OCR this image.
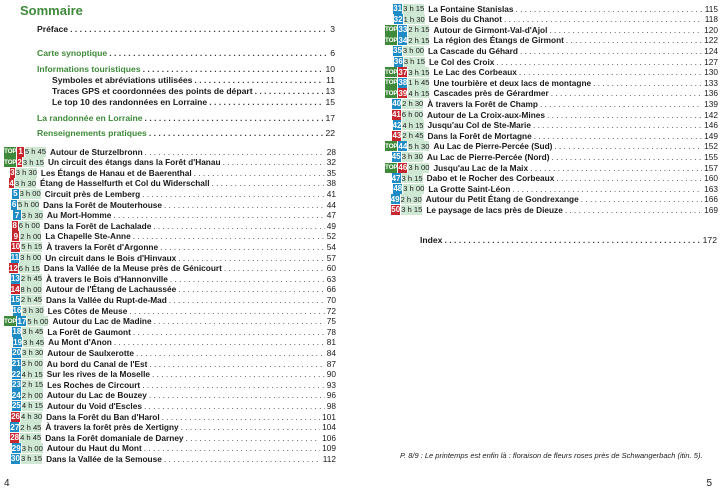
Sommaire
Préface . . .	3
Carte synoptique . . .	6
Informations touristiques . . .	10
Symboles et abréviations utilisées . . .	11
Traces GPS et coordonnées des points de départ . . .	13
Le top 10 des randonnées en Lorraine . . .	15
La randonnée en Lorraine . . .	17
Renseignements pratiques . . .	22
TOP 1 5 h 45 Autour de Sturzelbronn . . .	28
TOP 2 3 h 15 Un circuit des étangs dans la Forêt d'Hanau . . .	32
3 3 h 30 Les Étangs de Hanau et de Baerenthal . . .	35
4 3 h 30 Étang de Hasselfurth et Col du Widerschall . . .	38
5 3 h 00 Circuit près de Lemberg . . .	41
6 5 h 00 Dans la Forêt de Mouterhouse . . .	44
7 3 h 30 Au Mort-Homme . . .	47
8 6 h 00 Dans la Forêt de Lachalade . . .	49
9 2 h 00 La Chapelle Ste-Anne . . .	52
10 5 h 15 À travers la Forêt d'Argonne . . .	54
11 3 h 00 Un circuit dans le Bois d'Hinvaux . . .	57
12 6 h 15 Dans la Vallée de la Meuse près de Génicourt . . .	60
13 2 h 45 À travers le Bois d'Hannonville . . .	63
14 8 h 00 Autour de l'Étang de Lachaussée . . .	66
15 2 h 45 Dans la Vallée du Rupt-de-Mad . . .	70
16 3 h 30 Les Côtes de Meuse . . .	72
TOP 17 5 h 00 Autour du Lac de Madine . . .	75
18 3 h 45 La Forêt de Gaumont . . .	78
19 3 h 45 Au Mont d'Anon . . .	81
20 3 h 30 Autour de Saulxerotte . . .	84
21 3 h 00 Au bord du Canal de l'Est . . .	87
22 4 h 15 Sur les rives de la Moselle . . .	90
23 2 h 15 Les Roches de Circourt . . .	93
24 2 h 00 Autour du Lac de Bouzey . . .	96
25 4 h 15 Autour du Void d'Escles . . .	98
26 4 h 30 Dans la Forêt du Ban d'Harol . . .	101
27 2 h 45 À travers la forêt près de Xertigny . . .	104
28 4 h 45 Dans la Forêt domaniale de Darney . . .	106
29 3 h 00 Autour du Haut du Mont . . .	109
30 3 h 15 Dans la Vallée de la Semouse . . .	112
4
31 3 h 15 La Fontaine Stanislas . . .	115
32 1 h 30 Le Bois du Chanot . . .	118
TOP 33 2 h 15 Autour de Girmont-Val-d'Ajol . . .	120
TOP 34 2 h 15 La région des Étangs de Girmont . . .	122
35 3 h 00 La Cascade du Géhard . . .	124
36 3 h 15 Le Col des Croix . . .	127
TOP 37 3 h 15 Le Lac des Corbeaux . . .	130
TOP 38 1 h 45 Une tourbière et deux lacs de montagne . . .	133
TOP 39 4 h 15 Cascades près de Gérardmer . . .	136
40 2 h 30 À travers la Forêt de Champ . . .	139
41 6 h 00 Autour de La Croix-aux-Mines . . .	142
42 4 h 15 Jusqu'au Col de Ste-Marie . . .	146
43 2 h 45 Dans la Forêt de Mortagne . . .	149
TOP 44 5 h 30 Au Lac de Pierre-Percée (Sud) . . .	152
45 3 h 30 Au Lac de Pierre-Percée (Nord) . . .	155
TOP 46 3 h 00 Jusqu'au Lac de la Maix . . .	157
47 3 h 15 Dabo et le Rocher des Corbeaux . . .	160
48 3 h 00 La Grotte Saint-Léon . . .	163
49 2 h 30 Autour du Petit Étang de Gondrexange . . .	166
50 3 h 15 Le paysage de lacs près de Dieuze . . .	169
Index . . .	172
P. 8/9 : Le printemps est enfin là : floraison de fleurs roses près de Schwangerbach (itin. 5).
5
